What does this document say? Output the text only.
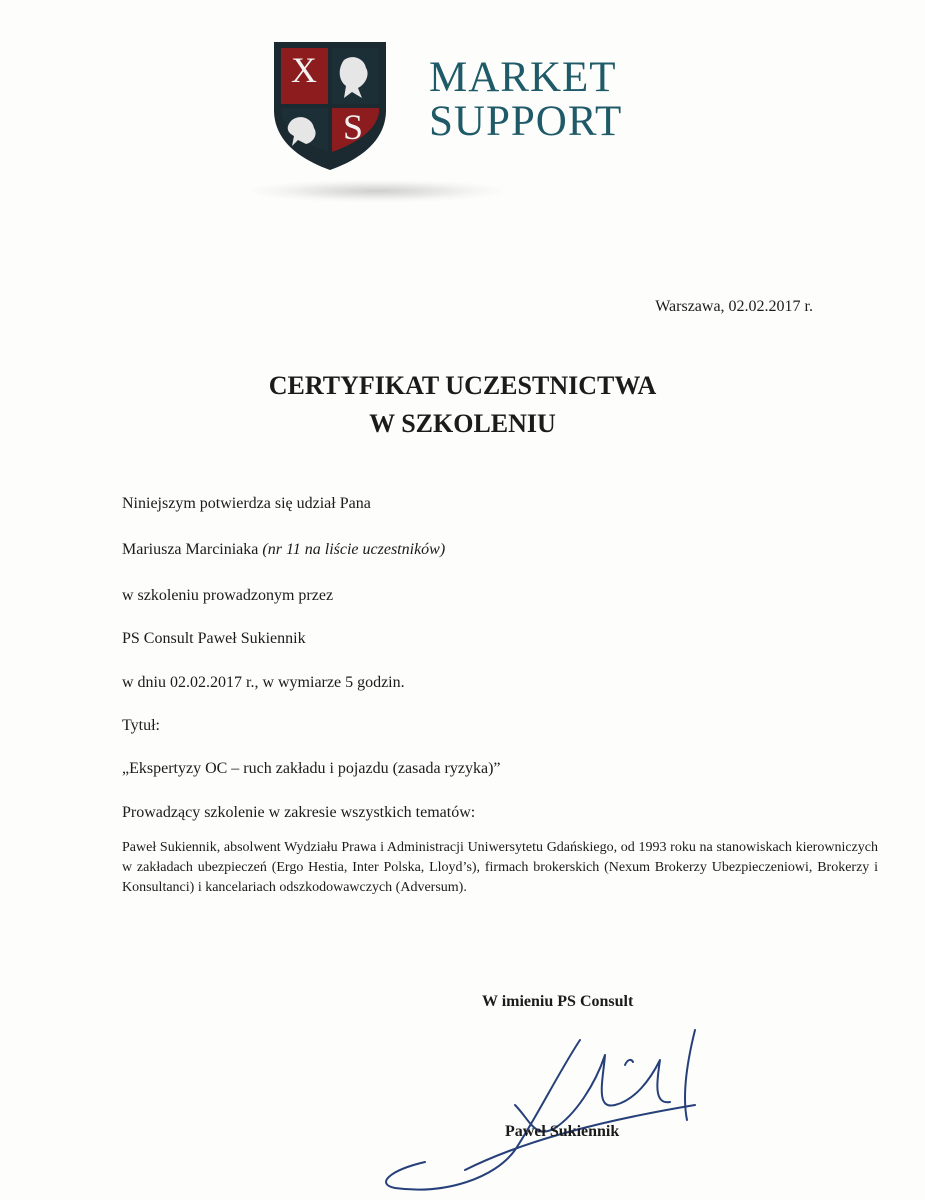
X
S
MARKET
SUPPORT
Warszawa, 02.02.2017 r.
CERTYFIKAT UCZESTNICTWA
W SZKOLENIU
Niniejszym potwierdza się udział Pana
Mariusza Marciniaka (nr 11 na liście uczestników)
w szkoleniu prowadzonym przez
PS Consult Paweł Sukiennik
w dniu 02.02.2017 r., w wymiarze 5 godzin.
Tytuł:
„Ekspertyzy OC – ruch zakładu i pojazdu (zasada ryzyka)”
Prowadzący szkolenie w zakresie wszystkich tematów:
Paweł Sukiennik, absolwent Wydziału Prawa i Administracji Uniwersytetu Gdańskiego, od 1993 roku na stanowiskach kierowniczych w zakładach ubezpieczeń (Ergo Hestia, Inter Polska, Lloyd’s), firmach brokerskich (Nexum Brokerzy Ubezpieczeniowi, Brokerzy i Konsultanci) i kancelariach odszkodowawczych (Adversum).
W imieniu PS Consult
Paweł Sukiennik
